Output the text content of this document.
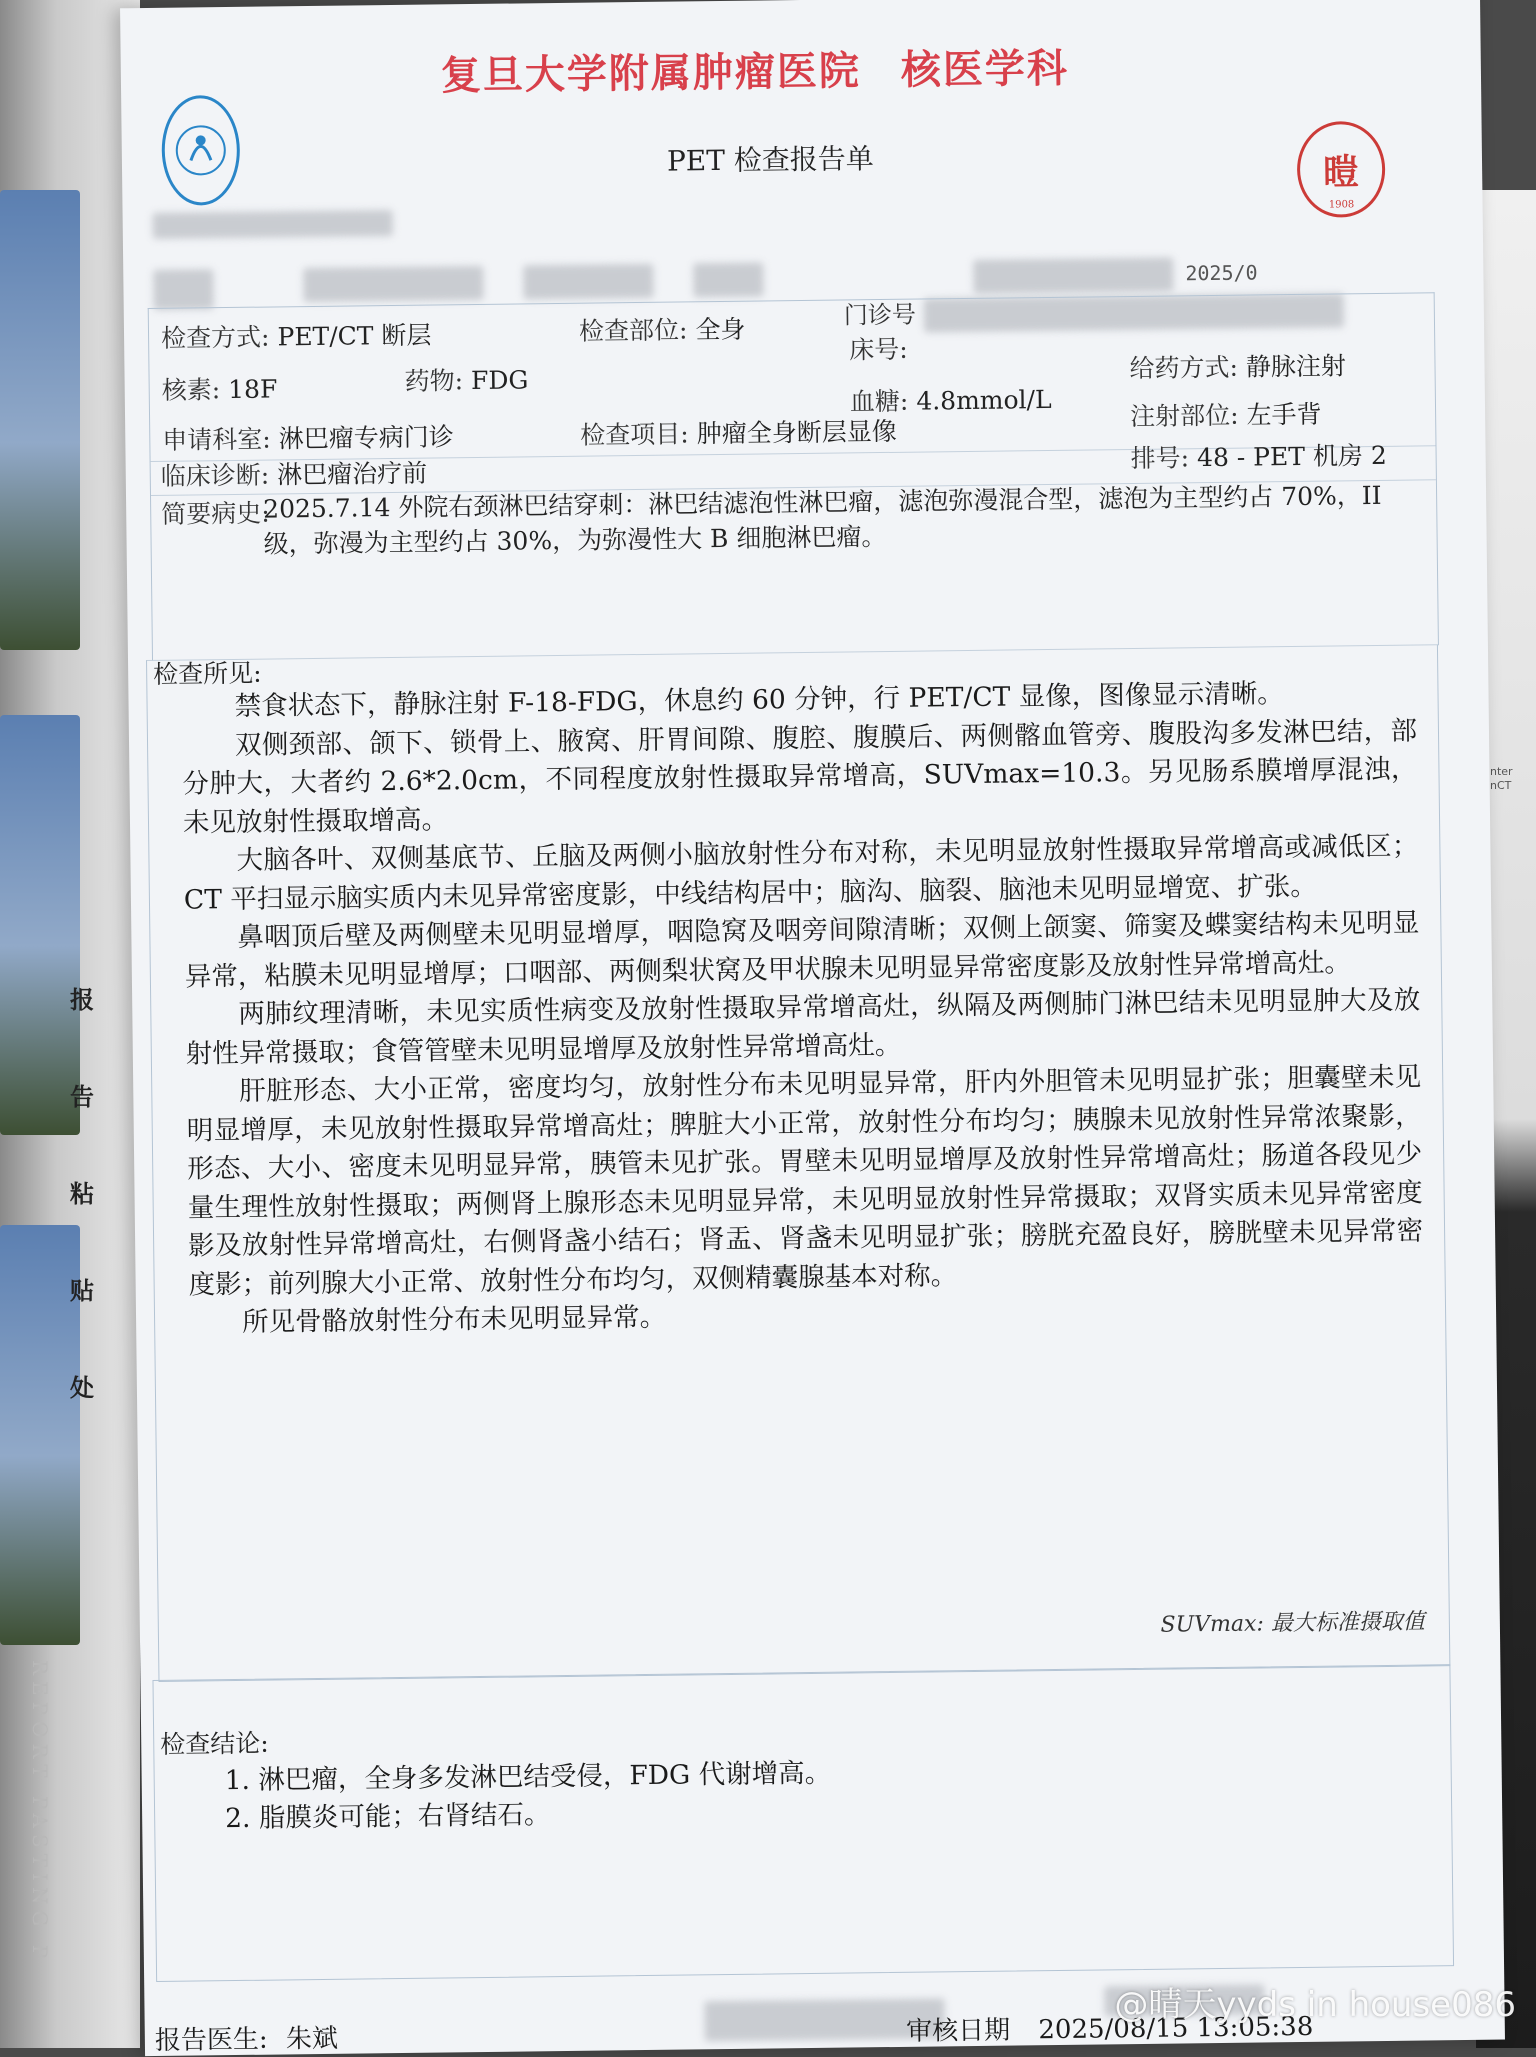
报
告
粘
贴
处
REPORT PASTING P
nter nCT
复旦大学附属肿瘤医院 核医学科
PET 检查报告单	暟
1908
2025/0
门诊号
检查方式: PET/CT 断层	检查部位: 全身
床号:
核素: 18F	药物: FDG	给药方式: 静脉注射
血糖: 4.8mmol/L
申请科室: 淋巴瘤专病门诊
注射部位: 左手背
检查项目: 肿瘤全身断层显像
临床诊断: 淋巴瘤治疗前
排号: 48 - PET 机房 2
简要病史:
2025.7.14 外院右颈淋巴结穿刺：淋巴结滤泡性淋巴瘤，滤泡弥漫混合型，滤泡为主型约占 70%，II 级，弥漫为主型约占 30%，为弥漫性大 B 细胞淋巴瘤。
检查所见:

禁食状态下，静脉注射 F-18-FDG，休息约 60 分钟，行 PET/CT 显像，图像显示清晰。

双侧颈部、颌下、锁骨上、腋窝、肝胃间隙、腹腔、腹膜后、两侧髂血管旁、腹股沟多发淋巴结，部分肿大，大者约 2.6*2.0cm，不同程度放射性摄取异常增高，SUVmax=10.3。另见肠系膜增厚混浊，未见放射性摄取增高。

大脑各叶、双侧基底节、丘脑及两侧小脑放射性分布对称，未见明显放射性摄取异常增高或减低区；CT 平扫显示脑实质内未见异常密度影，中线结构居中；脑沟、脑裂、脑池未见明显增宽、扩张。

鼻咽顶后壁及两侧壁未见明显增厚，咽隐窝及咽旁间隙清晰；双侧上颌窦、筛窦及蝶窦结构未见明显异常，粘膜未见明显增厚；口咽部、两侧梨状窝及甲状腺未见明显异常密度影及放射性异常增高灶。

两肺纹理清晰，未见实质性病变及放射性摄取异常增高灶，纵隔及两侧肺门淋巴结未见明显肿大及放射性异常摄取；食管管壁未见明显增厚及放射性异常增高灶。

肝脏形态、大小正常，密度均匀，放射性分布未见明显异常，肝内外胆管未见明显扩张；胆囊壁未见明显增厚，未见放射性摄取异常增高灶；脾脏大小正常，放射性分布均匀；胰腺未见放射性异常浓聚影，形态、大小、密度未见明显异常，胰管未见扩张。胃壁未见明显增厚及放射性异常增高灶；肠道各段见少量生理性放射性摄取；两侧肾上腺形态未见明显异常，未见明显放射性异常摄取；双肾实质未见异常密度影及放射性异常增高灶，右侧肾盏小结石；肾盂、肾盏未见明显扩张；膀胱充盈良好，膀胱壁未见异常密度影；前列腺大小正常、放射性分布均匀，双侧精囊腺基本对称。

所见骨骼放射性分布未见明显异常。

SUVmax: 最大标准摄取值
检查结论:
1. 淋巴瘤，全身多发淋巴结受侵，FDG 代谢增高。
2. 脂膜炎可能；右肾结石。
报告医生: 朱斌	审核日期 2025/08/15 13:05:38
@晴天yyds in house086
